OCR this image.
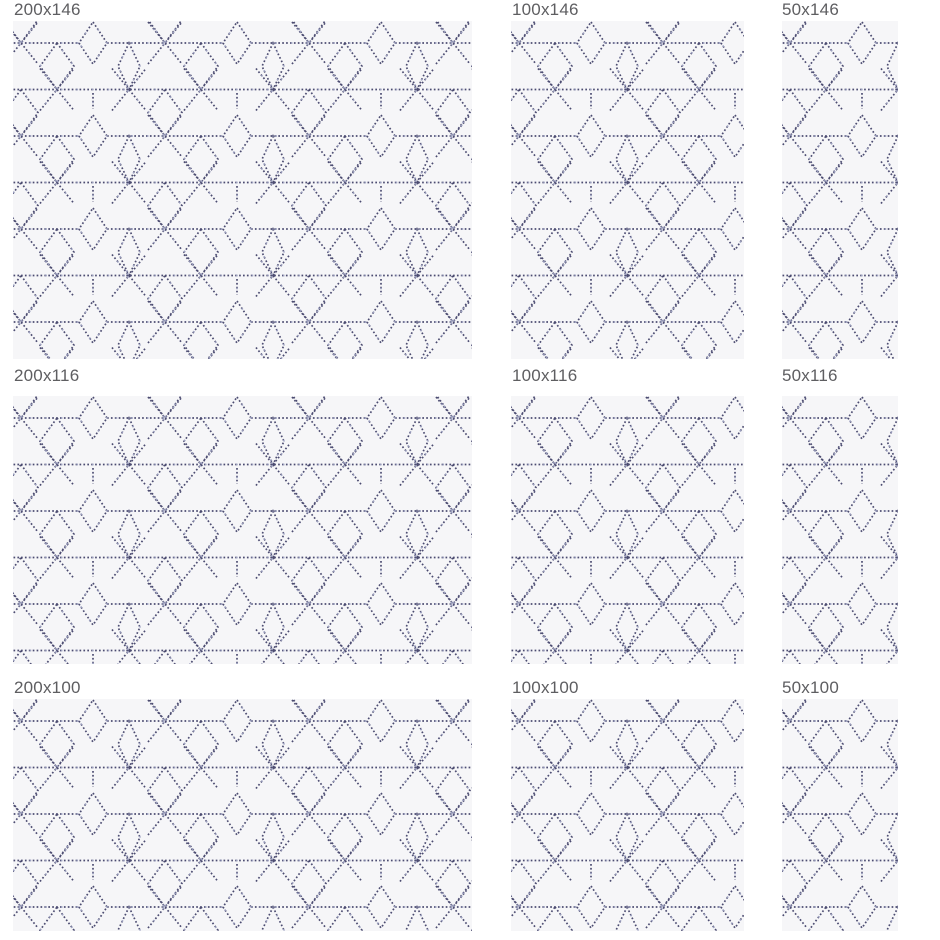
200x146	100x146	50x146
200x116	100x116	50x116
200x100	100x100	50x100
